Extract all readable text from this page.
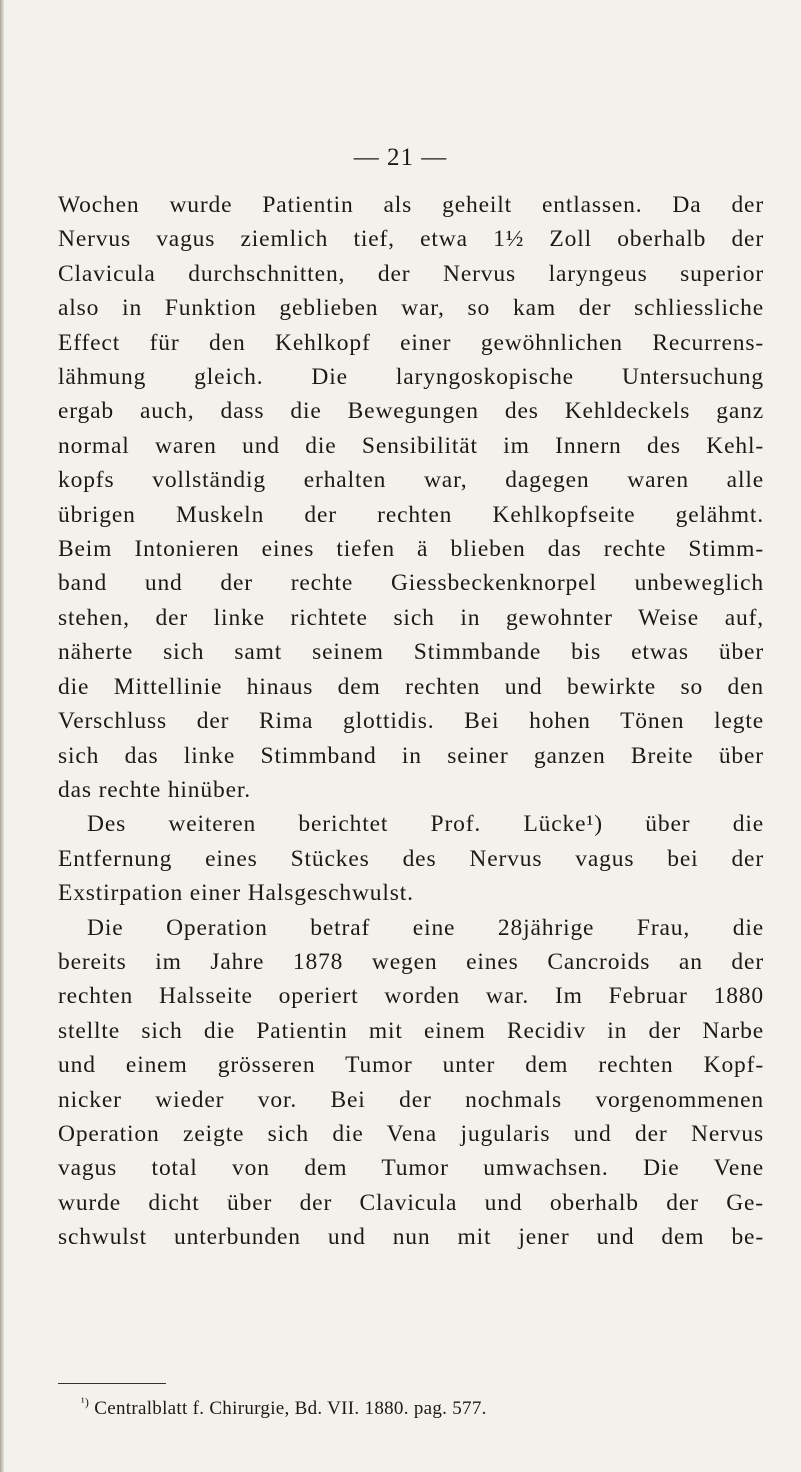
— 21 —
Wochen wurde Patientin als geheilt entlassen. Da der
Nervus vagus ziemlich tief, etwa 1½ Zoll oberhalb der
Clavicula durchschnitten, der Nervus laryngeus superior
also in Funktion geblieben war, so kam der schliessliche
Effect für den Kehlkopf einer gewöhnlichen Recurrens-
lähmung gleich. Die laryngoskopische Untersuchung
ergab auch, dass die Bewegungen des Kehldeckels ganz
normal waren und die Sensibilität im Innern des Kehl-
kopfs vollständig erhalten war, dagegen waren alle
übrigen Muskeln der rechten Kehlkopfseite gelähmt.
Beim Intonieren eines tiefen ä blieben das rechte Stimm-
band und der rechte Giessbeckenknorpel unbeweglich
stehen, der linke richtete sich in gewohnter Weise auf,
näherte sich samt seinem Stimmbande bis etwas über
die Mittellinie hinaus dem rechten und bewirkte so den
Verschluss der Rima glottidis. Bei hohen Tönen legte
sich das linke Stimmband in seiner ganzen Breite über
das rechte hinüber.
Des weiteren berichtet Prof. Lücke¹) über die
Entfernung eines Stückes des Nervus vagus bei der
Exstirpation einer Halsgeschwulst.
Die Operation betraf eine 28jährige Frau, die
bereits im Jahre 1878 wegen eines Cancroids an der
rechten Halsseite operiert worden war. Im Februar 1880
stellte sich die Patientin mit einem Recidiv in der Narbe
und einem grösseren Tumor unter dem rechten Kopf-
nicker wieder vor. Bei der nochmals vorgenommenen
Operation zeigte sich die Vena jugularis und der Nervus
vagus total von dem Tumor umwachsen. Die Vene
wurde dicht über der Clavicula und oberhalb der Ge-
schwulst unterbunden und nun mit jener und dem be-
$^{^1)}$ Centralblatt f. Chirurgie, Bd. VII. 1880. pag. 577.
